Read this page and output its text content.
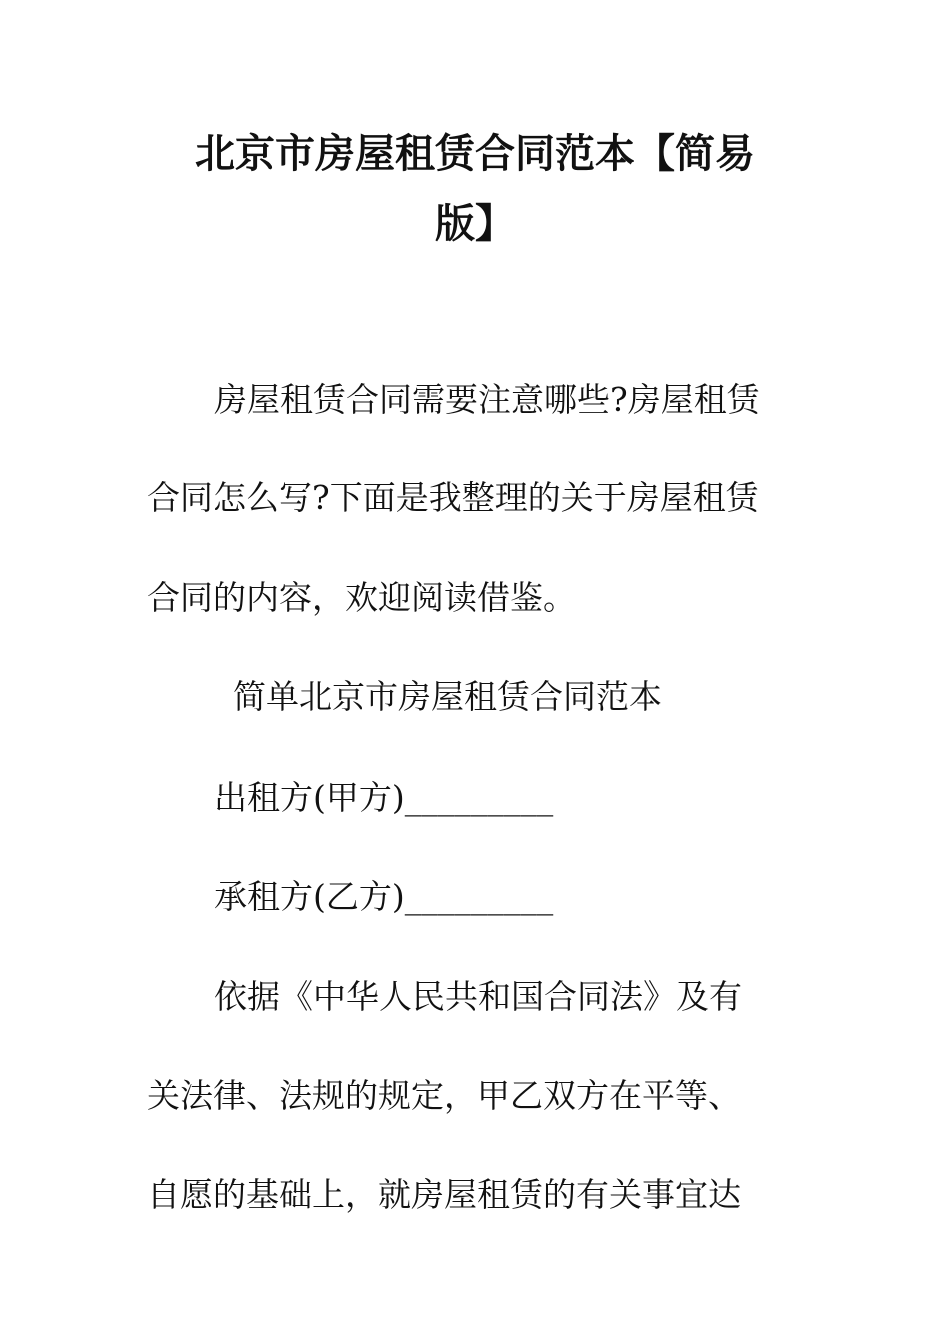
北京市房屋租赁合同范本【简易
版】
房屋租赁合同需要注意哪些?房屋租赁
合同怎么写?下面是我整理的关于房屋租赁
合同的内容，欢迎阅读借鉴。
简单北京市房屋租赁合同范本
出租方(甲方)_________
承租方(乙方)_________
依据《中华人民共和国合同法》及有
关法律、法规的规定，甲乙双方在平等、
自愿的基础上，就房屋租赁的有关事宜达
